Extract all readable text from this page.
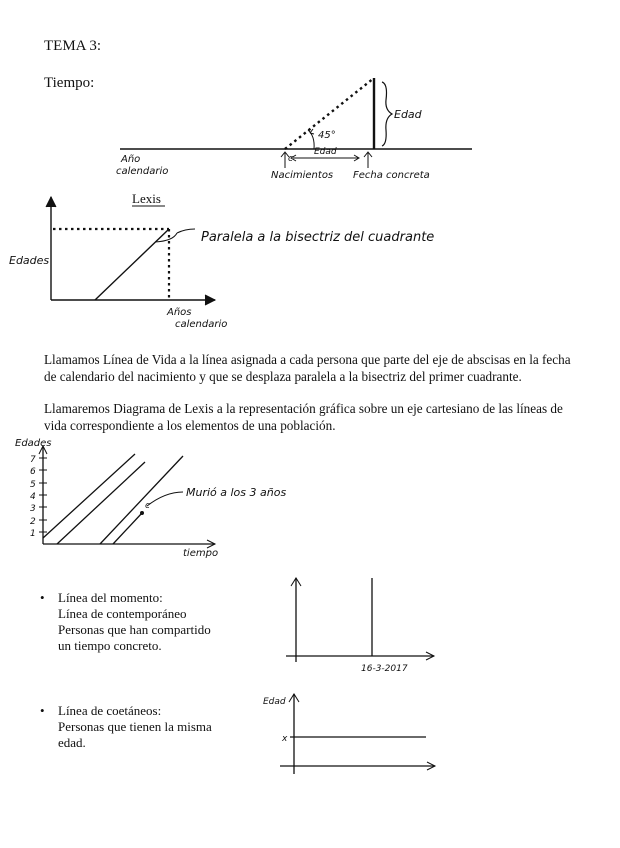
TEMA 3:
Tiempo:
Edad
45°
c
Edad
Año
calendario	Nacimientos Fecha concreta
Lexis
Paralela a la bisectriz del cuadrante
Edades
Años
calendario
Llamamos Línea de Vida a la línea asignada a cada persona que parte del eje de abscisas en la fecha de calendario del nacimiento y que se desplaza paralela a la bisectriz del primer cuadrante.
Llamaremos Diagrama de Lexis a la representación gráfica sobre un eje cartesiano de las líneas de vida correspondiente a los elementos de una población.
Edades
7
6
5
4
3
2
1
c
Murió a los 3 años
tiempo
• Línea del momento:
Línea de contemporáneo
Personas que han compartido
un tiempo concreto.
16-3-2017
• Línea de coetáneos:
Personas que tienen la misma
edad.
Edad
x
